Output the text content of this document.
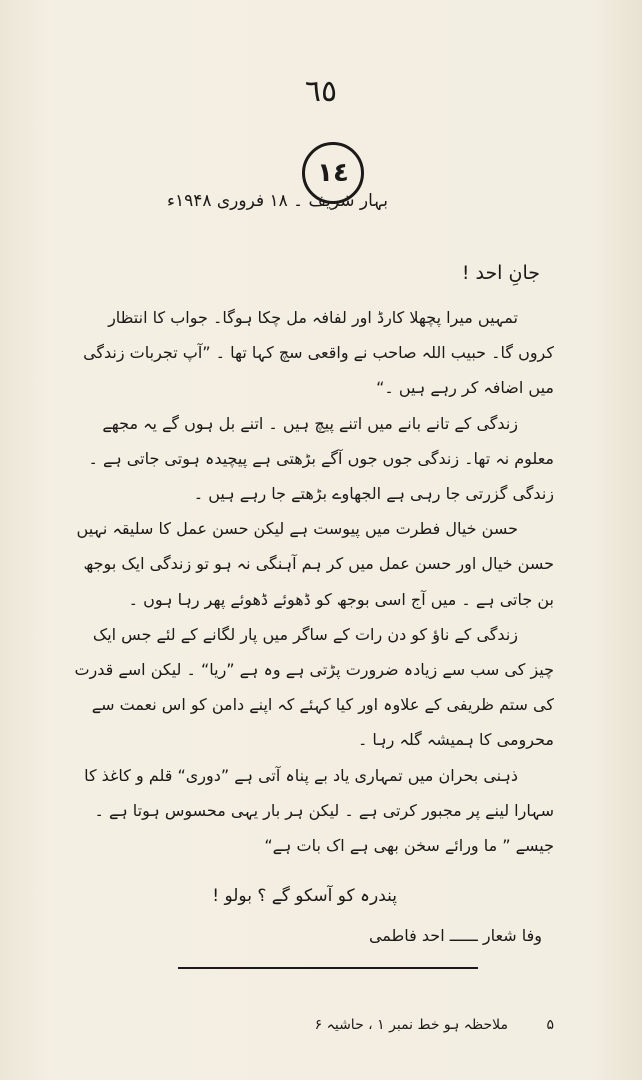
٦٥
١٤
بہار شریف ۔ ۱۸ فروری ۱۹۴۸ء
جانِ احد !

تمہیں میرا پچھلا کارڈ اور لفافہ مل چکا ہوگا۔ جواب کا انتظار کروں گا۔ حبیب اللہ صاحب نے واقعی سچ کہا تھا ۔ ”آپ تجربات زندگی میں اضافہ کر رہے ہیں ۔“

زندگی کے تانے بانے میں اتنے پیچ ہیں ۔ اتنے بل ہوں گے یہ مجھے معلوم نہ تھا۔ زندگی جوں جوں آگے بڑھتی ہے پیچیدہ ہوتی جاتی ہے ۔ زندگی گزرتی جا رہی ہے الجھاوے بڑھتے جا رہے ہیں ۔

حسن خیال فطرت میں پیوست ہے لیکن حسن عمل کا سلیقہ نہیں حسن خیال اور حسن عمل میں کر ہم آہنگی نہ ہو تو زندگی ایک بوجھ بن جاتی ہے ۔ میں آج اسی بوجھ کو ڈھوئے ڈھوئے پھر رہا ہوں ۔

زندگی کے ناؤ کو دن رات کے ساگر میں پار لگانے کے لئے جس ایک چیز کی سب سے زیادہ ضرورت پڑتی ہے وہ ہے ”ریا“ ۔ لیکن اسے قدرت کی ستم ظریفی کے علاوہ اور کیا کہئے کہ اپنے دامن کو اس نعمت سے محرومی کا ہمیشہ گلہ رہا ۔

ذہنی بحران میں تمہاری یاد بے پناہ آتی ہے ”دوری“ قلم و کاغذ کا سہارا لینے پر مجبور کرتی ہے ۔ لیکن ہر بار یہی محسوس ہوتا ہے ۔ جیسے ” ما ورائے سخن بھی ہے اک بات ہے“

پندرہ کو آسکو گے ؟ بولو !
وفا شعار ــــــ احد فاطمی
۵ ملاحظہ ہو خط نمبر ۱ ، حاشیہ ۶
